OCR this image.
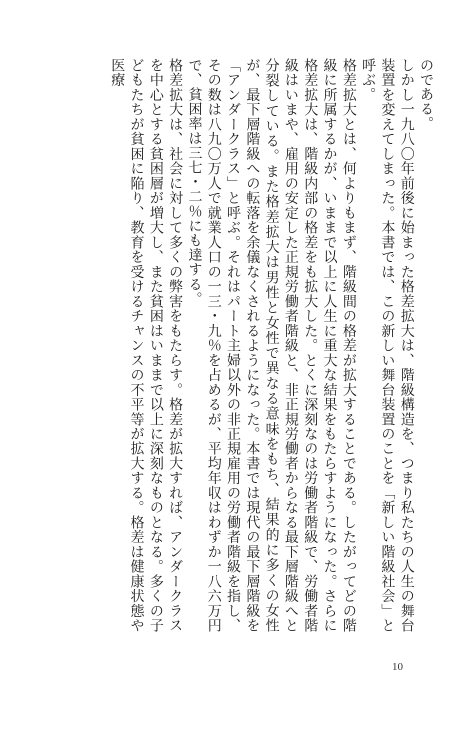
のである。

しかし一九八〇年前後に始まった格差拡大は、階級構造を、つまり私たちの人生の舞台装置を変えてしまった。本書では、この新しい舞台装置のことを「新しい階級社会」と呼ぶ。

格差拡大とは、何よりもまず、階級間の格差が拡大することである。したがってどの階級に所属するかが、いままで以上に人生に重大な結果をもたらすようになった。さらに格差拡大は、階級内部の格差をも拡大した。とくに深刻なのは労働者階級で、労働者階級はいまや、雇用の安定した正規労働者階級と、非正規労働者からなる最下層階級へと分裂している。また格差拡大は男性と女性で異なる意味をもち、結果的に多くの女性が、最下層階級への転落を余儀なくされるようになった。本書では現代の最下層階級を「アンダークラス」と呼ぶ。それはパート主婦以外の非正規雇用の労働者階級を指し、その数は八九〇万人で就業人口の一三・九％を占めるが、平均年収はわずか一八六万円で、貧困率は三七・二％にも達する。

格差拡大は、社会に対して多くの弊害をもたらす。格差が拡大すれば、アンダークラスを中心とする貧困層が増大し、また貧困はいままで以上に深刻なものとなる。多くの子どもたちが貧困に陥り、教育を受けるチャンスの不平等が拡大する。格差は健康状態や医療

10
